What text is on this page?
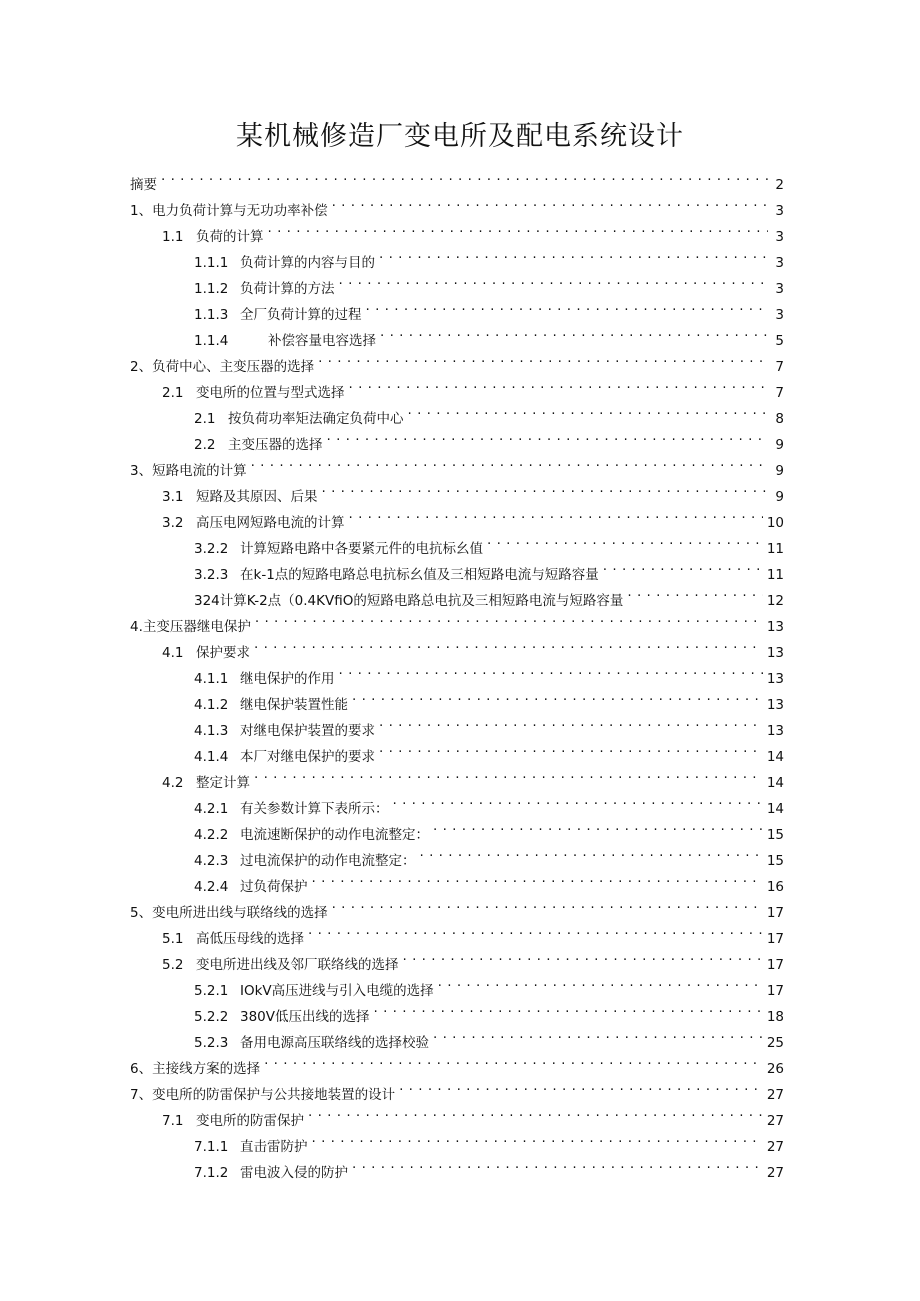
某机械修造厂变电所及配电系统设计
摘要 . . .	2
1、电力负荷计算与无功功率补偿 . . .	3
1.1 负荷的计算 . . .	3
1.1.1 负荷计算的内容与目的 . . .	3
1.1.2 负荷计算的方法 . . .	3
1.1.3 全厂负荷计算的过程 . . .	3
1.1.4	补偿容量电容选择 . . .	5
2、负荷中心、主变压器的选择 . . .	7
2.1 变电所的位置与型式选择 . . .	7
2.1 按负荷功率矩法确定负荷中心 . . .	8
2.2 主变压器的选择 . . .	9
3、短路电流的计算 . . .	9
3.1 短路及其原因、后果 . . .	9
3.2 高压电网短路电流的计算 . . .	10
3.2.2 计算短路电路中各要紧元件的电抗标幺值 . . .	11
3.2.3 在k-1点的短路电路总电抗标幺值及三相短路电流与短路容量 . . .	11
324计算K-2点（0.4KVfiO的短路电路总电抗及三相短路电流与短路容量 . . .	12
4.主变压器继电保护 . . .	13
4.1 保护要求 . . .	13
4.1.1 继电保护的作用 . . .	13
4.1.2 继电保护装置性能 . . .	13
4.1.3 对继电保护装置的要求 . . .	13
4.1.4 本厂对继电保护的要求 . . .	14
4.2 整定计算 . . .	14
4.2.1 有关参数计算下表所示： . . .	14
4.2.2 电流速断保护的动作电流整定： . . .	15
4.2.3 过电流保护的动作电流整定： . . .	15
4.2.4 过负荷保护 . . .	16
5、变电所进出线与联络线的选择 . . .	17
5.1 高低压母线的选择 . . .	17
5.2 变电所进出线及邻厂联络线的选择 . . .	17
5.2.1 IOkV高压进线与引入电缆的选择 . . .	17
5.2.2 380V低压出线的选择 . . .	18
5.2.3 备用电源高压联络线的选择校验 . . .	25
6、主接线方案的选择 . . .	26
7、变电所的防雷保护与公共接地装置的设计 . . .	27
7.1 变电所的防雷保护 . . .	27
7.1.1 直击雷防护 . . .	27
7.1.2 雷电波入侵的防护 . . .	27
